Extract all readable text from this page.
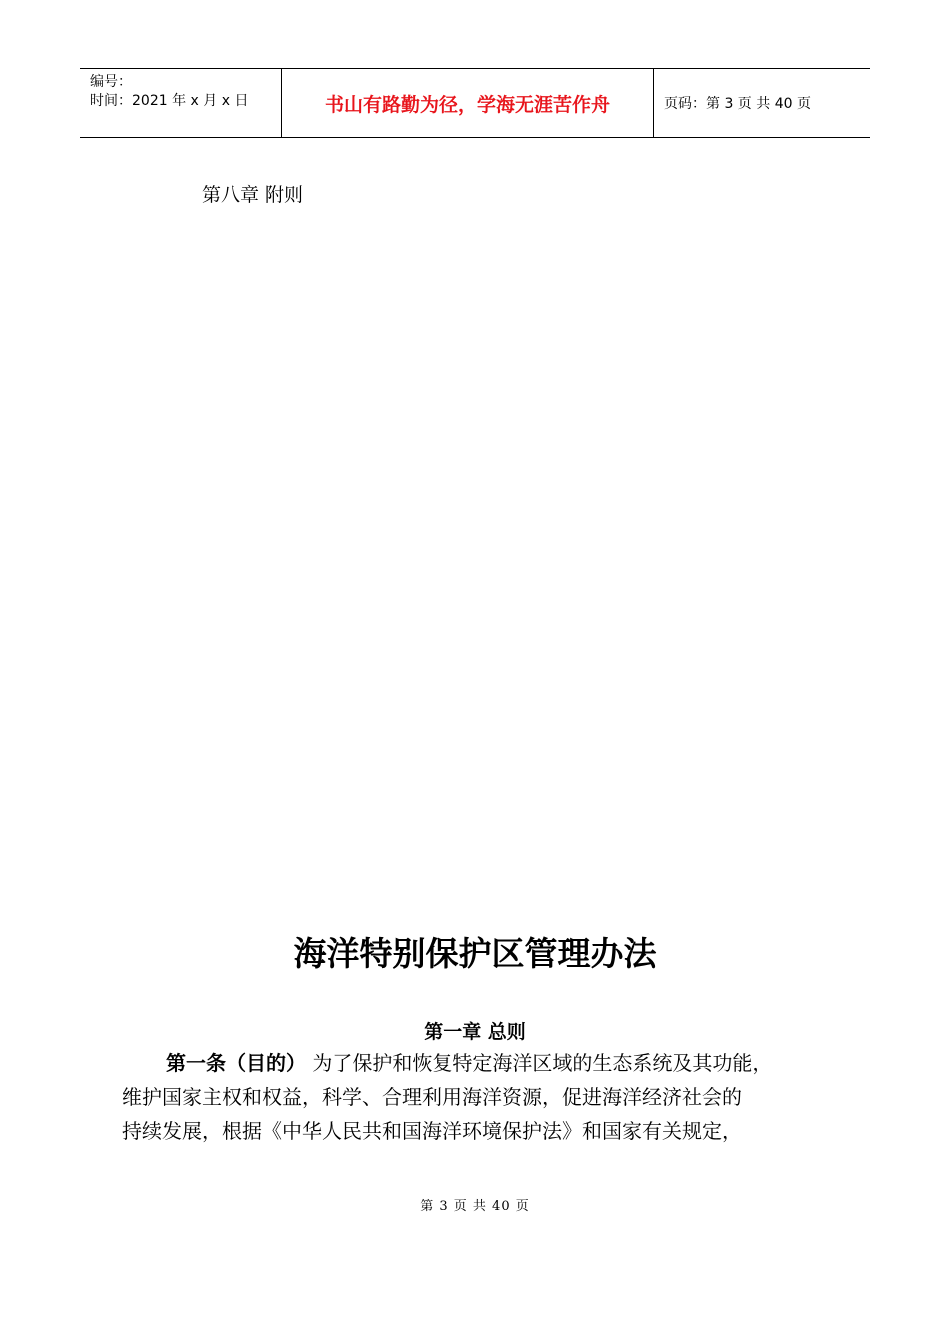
编号：
时间：2021 年 x 月 x 日	书山有路勤为径，学海无涯苦作舟	页码：第 3 页 共 40 页
第八章 附则
海洋特别保护区管理办法
第一章 总则
第一条（目的） 为了保护和恢复特定海洋区域的生态系统及其功能，
维护国家主权和权益，科学、合理利用海洋资源，促进海洋经济社会的
持续发展，根据《中华人民共和国海洋环境保护法》和国家有关规定，
第 3 页 共 40 页
